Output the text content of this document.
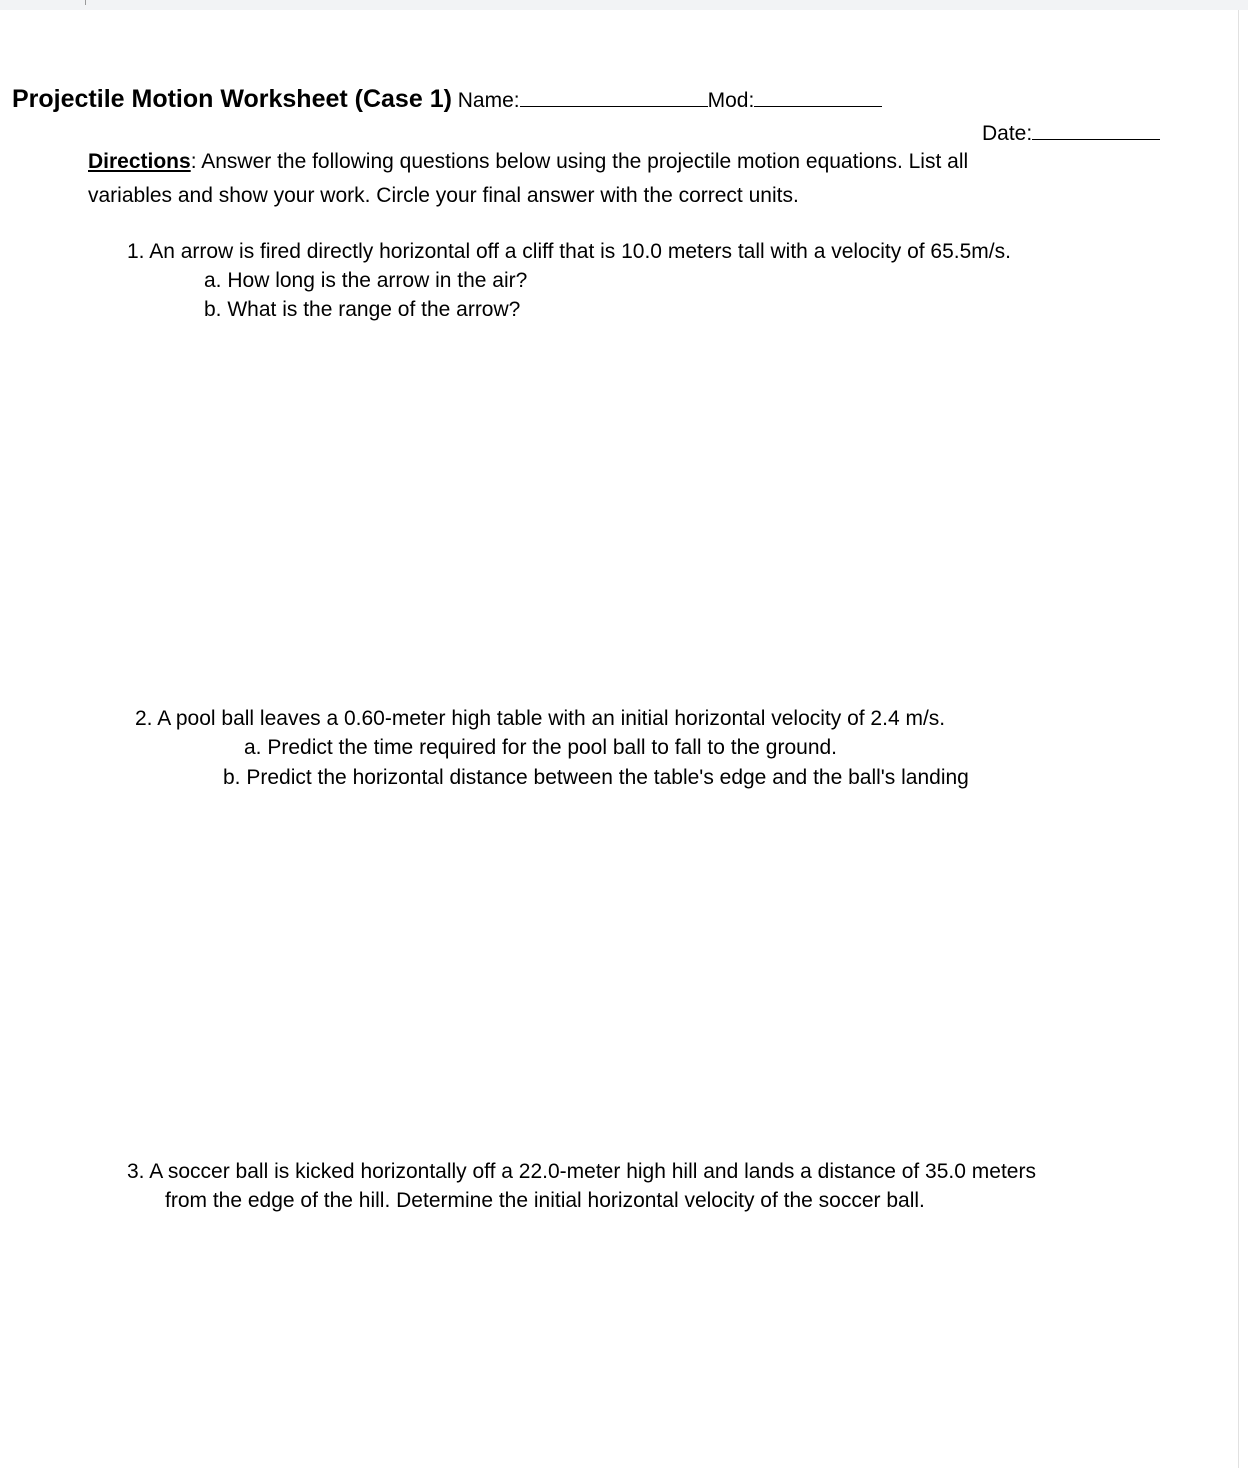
Projectile Motion Worksheet (Case 1) Name:	Mod:
Date:
Directions: Answer the following questions below using the projectile motion equations. List all
variables and show your work. Circle your final answer with the correct units.
1. An arrow is fired directly horizontal off a cliff that is 10.0 meters tall with a velocity of 65.5m/s.
a. How long is the arrow in the air?
b. What is the range of the arrow?
2. A pool ball leaves a 0.60-meter high table with an initial horizontal velocity of 2.4 m/s.
a. Predict the time required for the pool ball to fall to the ground.
b. Predict the horizontal distance between the table's edge and the ball's landing
3. A soccer ball is kicked horizontally off a 22.0-meter high hill and lands a distance of 35.0 meters
from the edge of the hill. Determine the initial horizontal velocity of the soccer ball.
